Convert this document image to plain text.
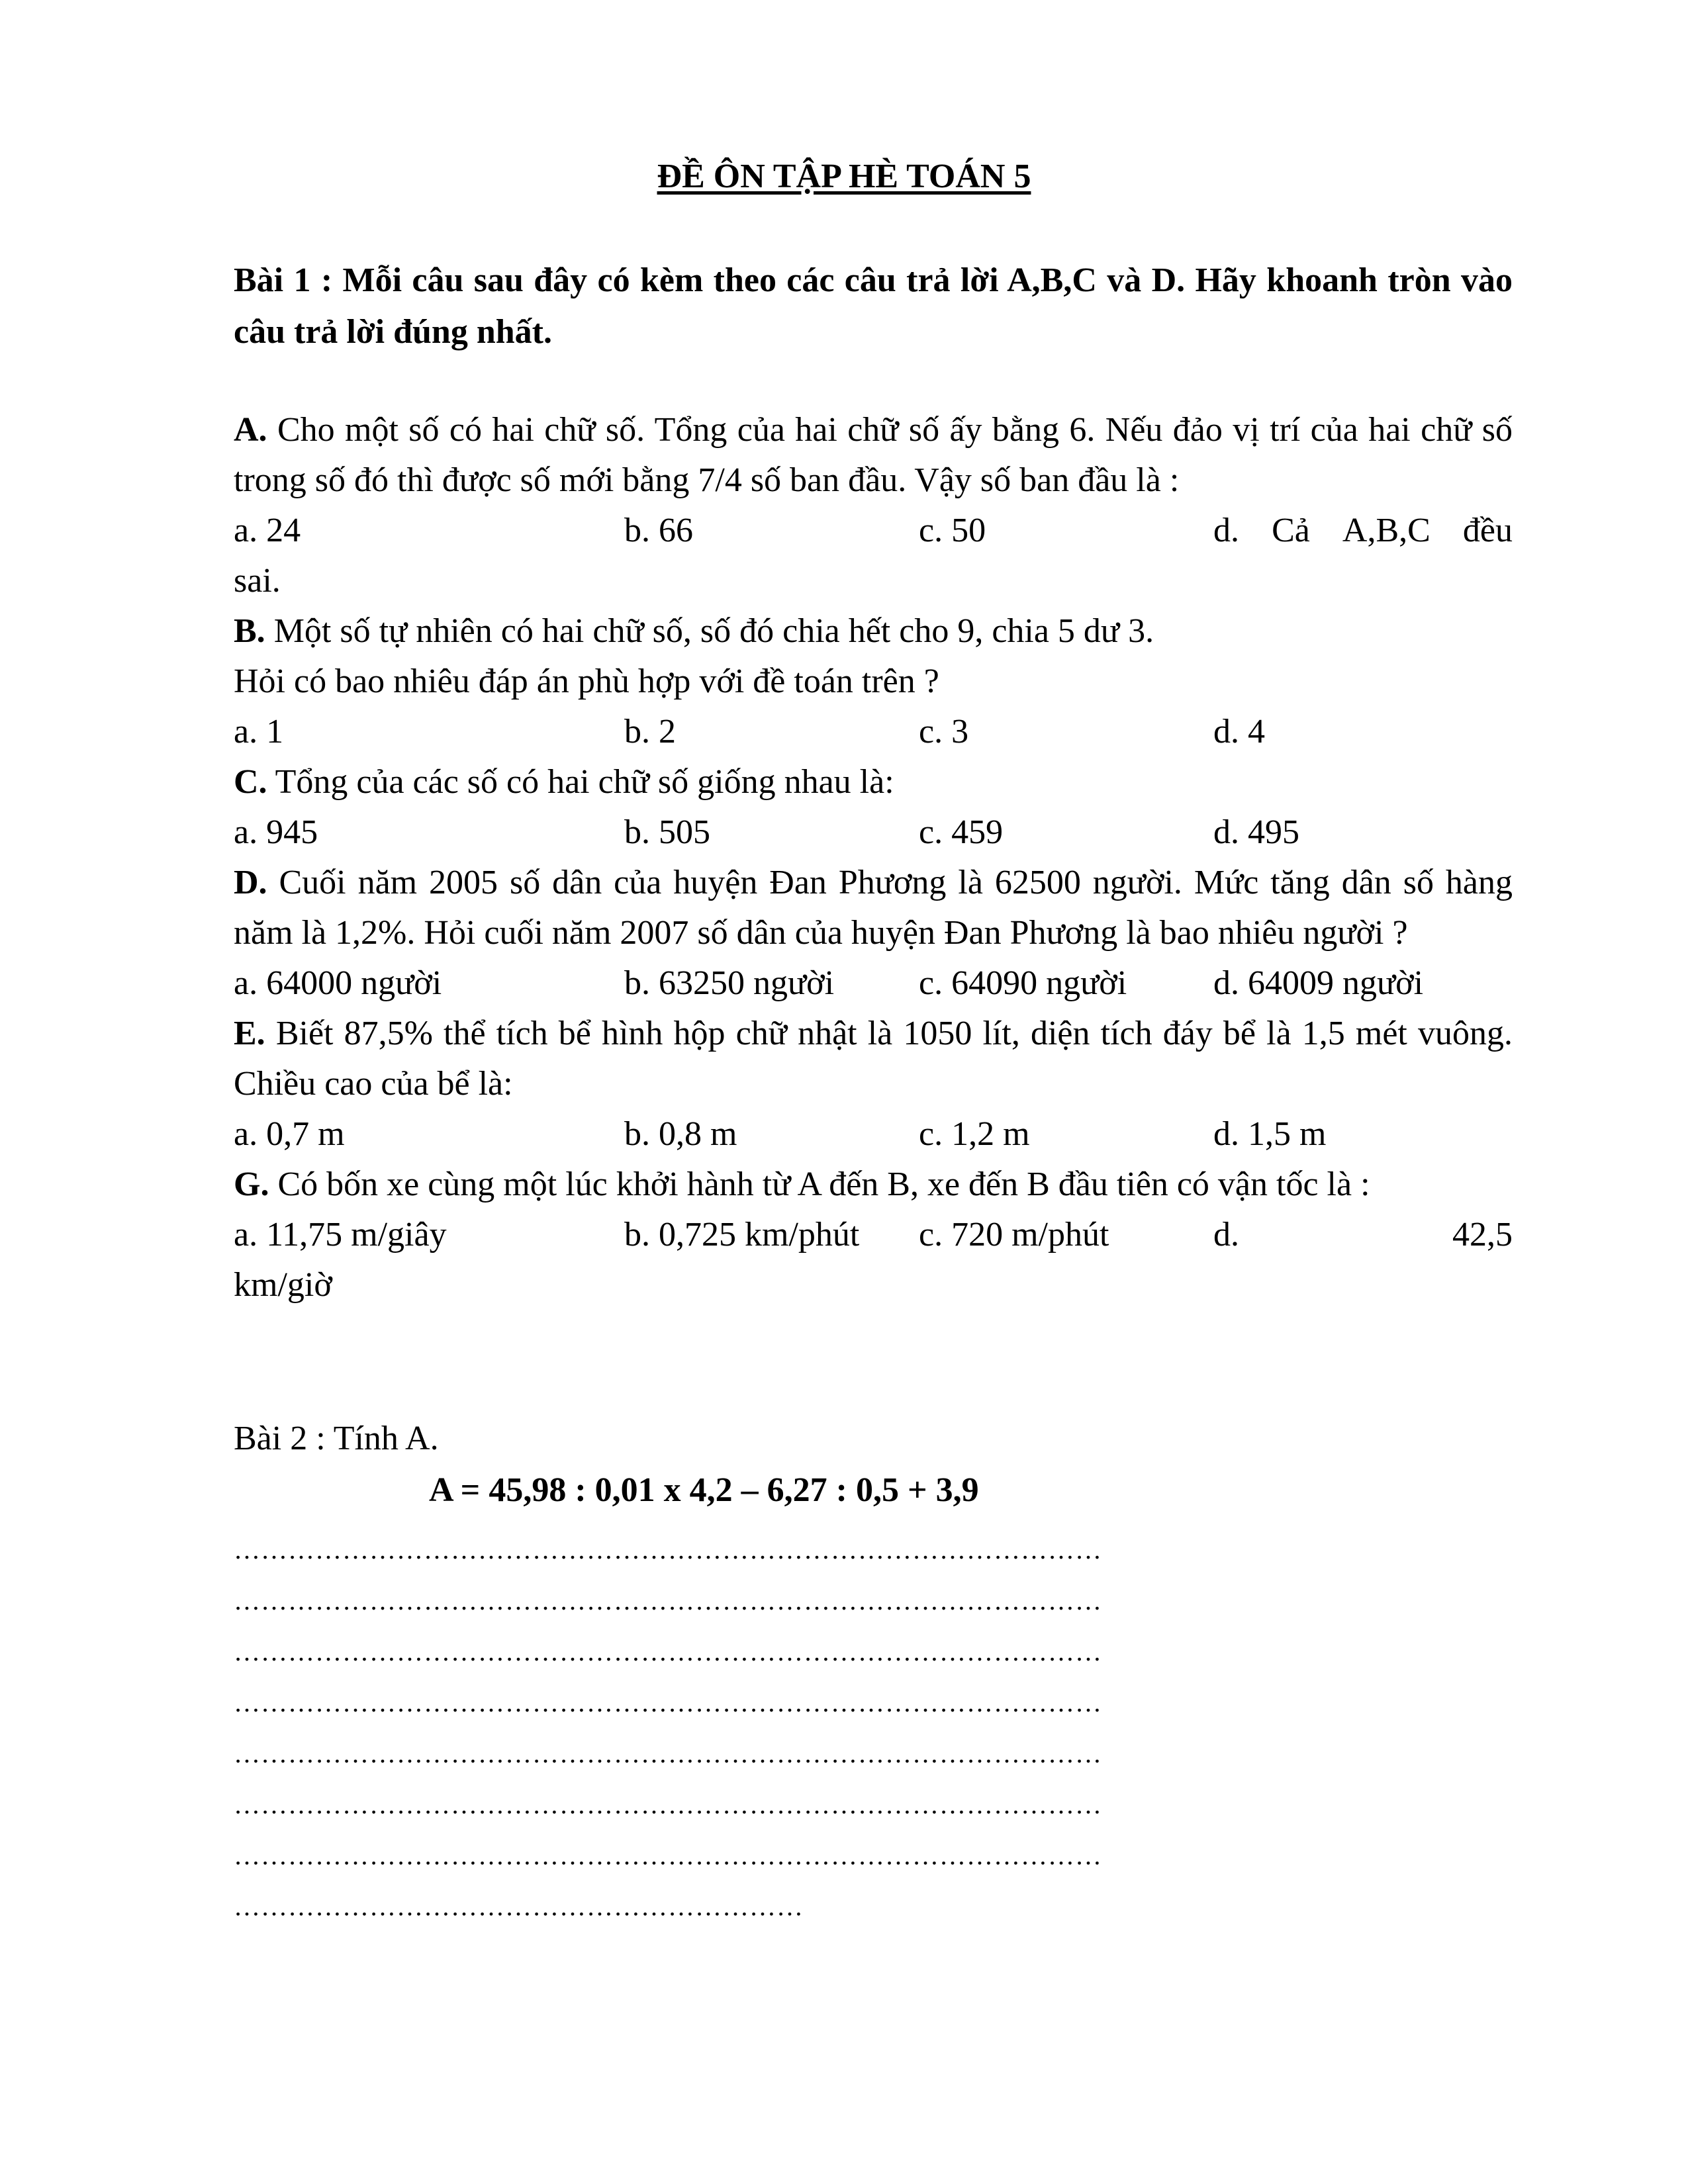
ĐỀ ÔN TẬP HÈ TOÁN 5
Bài 1 : Mỗi câu sau đây có kèm theo các câu trả lời A,B,C và D. Hãy khoanh tròn vào câu trả lời đúng nhất.

A. Cho một số có hai chữ số. Tổng của hai chữ số ấy bằng 6. Nếu đảo vị trí của hai chữ số trong số đó thì được số mới bằng 7/4 số ban đầu. Vậy số ban đầu là :

a. 24	b. 66	c. 50	d. Cả A,B,C đều

sai.

B. Một số tự nhiên có hai chữ số, số đó chia hết cho 9, chia 5 dư 3.

Hỏi có bao nhiêu đáp án phù hợp với đề toán trên ?

a. 1	b. 2	c. 3	d. 4

C. Tổng của các số có hai chữ số giống nhau là:

a. 945	b. 505	c. 459	d. 495

D. Cuối năm 2005 số dân của huyện Đan Phương là 62500 người. Mức tăng dân số hàng năm là 1,2%. Hỏi cuối năm 2007 số dân của huyện Đan Phương là bao nhiêu người ?

a. 64000 người	b. 63250 người c. 64090 người	d. 64009 người

E. Biết 87,5% thể tích bể hình hộp chữ nhật là 1050 lít, diện tích đáy bể là 1,5 mét vuông. Chiều cao của bể là:

a. 0,7 m	b. 0,8 m	c. 1,2 m	d. 1,5 m

G. Có bốn xe cùng một lúc khởi hành từ A đến B, xe đến B đầu tiên có vận tốc là :

a. 11,75 m/giây	b. 0,725 km/phút c. 720 m/phút	d.	42,5

km/giờ

Bài 2 : Tính A.

A = 45,98 : 0,01 x 4,2 – 6,27 : 0,5 + 3,9

……………………………………………………………………………………
……………………………………………………………………………………
……………………………………………………………………………………
……………………………………………………………………………………
……………………………………………………………………………………
……………………………………………………………………………………
……………………………………………………………………………………
………………………………………………………
